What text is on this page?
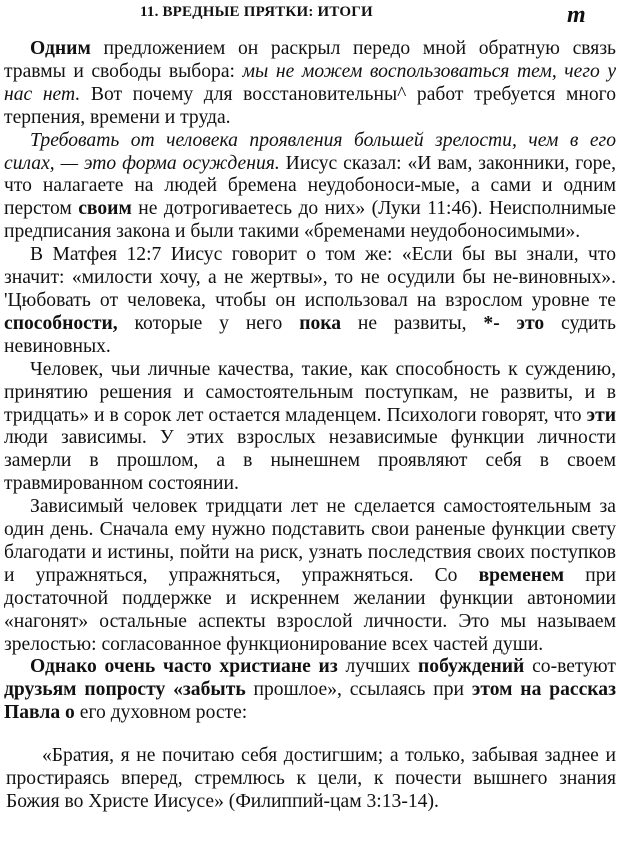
11. ВРЕДНЫЕ ПРЯТКИ: ИТОГИ	m

Одним предложением он раскрыл передо мной обратную связь травмы и свободы выбора: мы не можем воспользоваться тем, чего у нас нет. Вот почему для восстановительны^ работ требуется много терпения, времени и труда.

Требовать от человека проявления большей зрелости, чем в его силах, — это форма осуждения. Иисус сказал: «И вам, законники, горе, что налагаете на людей бремена неудобоноси-мые, а сами и одним перстом своим не дотрогиваетесь до них» (Луки 11:46). Неисполнимые предписания закона и были такими «бременами неудобоносимыми».

В Матфея 12:7 Иисус говорит о том же: «Если бы вы знали, что значит: «милости хочу, а не жертвы», то не осудили бы не-виновных». 'Цюбовать от человека, чтобы он использовал на взрослом уровне те способности, которые у него пока не развиты, *- это судить невиновных.

Человек, чьи личные качества, такие, как способность к суждению, принятию решения и самостоятельным поступкам, не развиты, и в тридцать» и в сорок лет остается младенцем. Психологи говорят, что эти люди зависимы. У этих взрослых независимые функции личности замерли в прошлом, а в нынешнем проявляют себя в своем травмированном состоянии.

Зависимый человек тридцати лет не сделается самостоятельным за один день. Сначала ему нужно подставить свои раненые функции свету благодати и истины, пойти на риск, узнать последствия своих поступков и упражняться, упражняться, упражняться. Со временем при достаточной поддержке и искреннем желании функции автономии «нагонят» остальные аспекты взрослой личности. Это мы называем зрелостью: согласованное функционирование всех частей души.

Однако очень часто христиане из лучших побуждений со-ветуют друзьям попросту «забыть прошлое», ссылаясь при этом на рассказ Павла о его духовном росте:

«Братия, я не почитаю себя достигшим; а только, забывая заднее и простираясь вперед, стремлюсь к цели, к почести вышнего знания Божия во Христе Иисусе» (Филиппий-цам 3:13-14).
